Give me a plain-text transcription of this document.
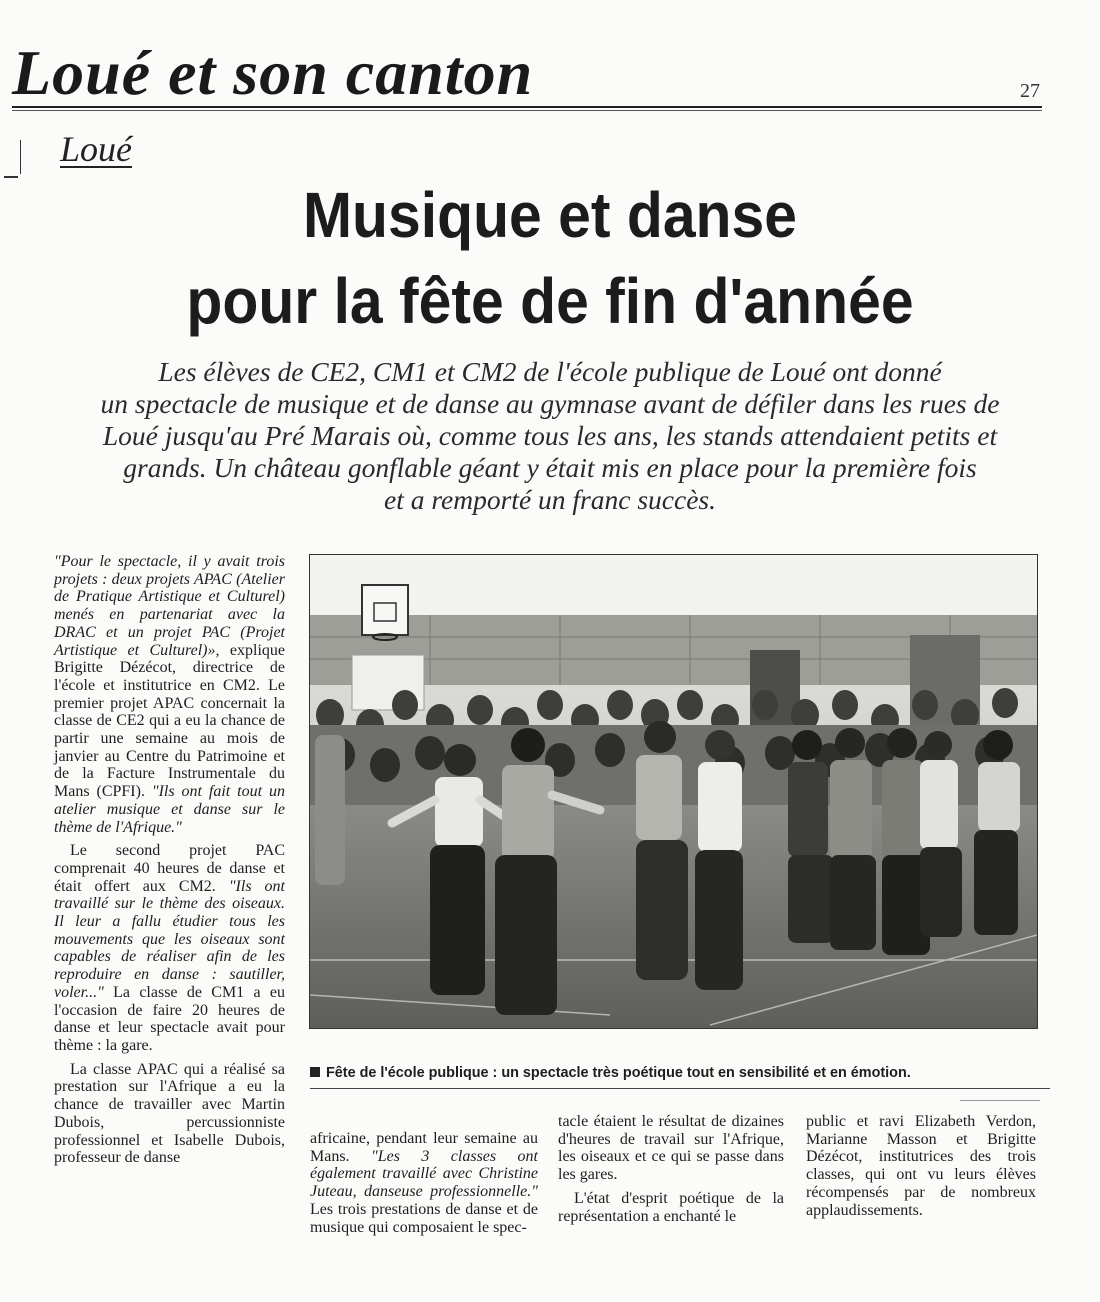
Loué et son canton	27
Loué
Musique et danse
pour la fête de fin d'année
Les élèves de CE2, CM1 et CM2 de l'école publique de Loué ont donné
un spectacle de musique et de danse au gymnase avant de défiler dans les rues de
Loué jusqu'au Pré Marais où, comme tous les ans, les stands attendaient petits et
grands. Un château gonflable géant y était mis en place pour la première fois
et a remporté un franc succès.

"Pour le spectacle, il y avait trois projets : deux projets APAC (Atelier de Pratique Artistique et Culturel) menés en partenariat avec la DRAC et un projet PAC (Projet Artistique et Culturel)», explique Brigitte Dézécot, directrice de l'école et institutrice en CM2. Le premier projet APAC concernait la classe de CE2 qui a eu la chance de partir une semaine au mois de janvier au Centre du Patrimoine et de la Facture Instrumentale du Mans (CPFI). "Ils ont fait tout un atelier musique et danse sur le thème de l'Afrique."

Le second projet PAC comprenait 40 heures de danse et était offert aux CM2. "Ils ont travaillé sur le thème des oiseaux. Il leur a fallu étudier tous les mouvements que les oiseaux sont capables de réaliser afin de les reproduire en danse : sautiller, voler..." La classe de CM1 a eu l'occasion de faire 20 heures de danse et leur spectacle avait pour thème : la gare.

La classe APAC qui a réalisé sa prestation sur l'Afrique a eu la chance de travailler avec Martin Dubois, percussionniste professionnel et Isabelle Dubois, professeur de danse

Fête de l'école publique : un spectacle très poétique tout en sensibilité et en émotion.

africaine, pendant leur semaine au Mans. "Les 3 classes ont également travaillé avec Christine Juteau, danseuse professionnelle." Les trois prestations de danse et de musique qui composaient le spec-

tacle étaient le résultat de dizaines d'heures de travail sur l'Afrique, les oiseaux et ce qui se passe dans les gares.

L'état d'esprit poétique de la représentation a enchanté le

public et ravi Elizabeth Verdon, Marianne Masson et Brigitte Dézécot, institutrices des trois classes, qui ont vu leurs élèves récompensés par de nombreux applaudissements.
